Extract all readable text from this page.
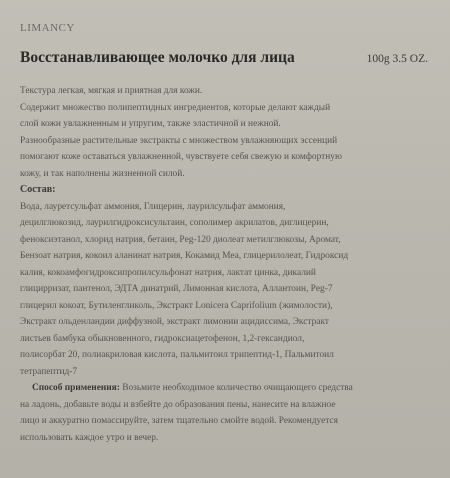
LIMANCY
Восстанавливающее молочко для лица	100g 3.5 OZ.

Текстура легкая, мягкая и приятная для кожи.
Содержит множество полипептидных ингредиентов, которые делают каждый
слой кожи увлажненным и упругим, также эластичной и нежной.
Разнообразные растительные экстракты с множеством увлажняющих эссенций
помогают коже оставаться увлажненной, чувствуете себя свежую и комфортную
кожу, и так наполнены жизненной силой.

Состав:

Вода, лауретсульфат аммония, Глицерин, лаурилсульфат аммония,
децилглюкозид, лаурилгидроксисультаин, сополимер акрилатов, диглицерин,
феноксиэтанол, хлорид натрия, бетаин, Peg-120 диолеат метилглюкозы, Аромат,
Бензоат натрия, кокоил аланинат натрия, Кокамид Меа, глицерилолеат, Гидроксид
калия, кокоамфогидроксипропилсульфонат натрия, лактат цинка, дикалий
глицирризат, пантенол, ЭДТА динатрий, Лимонная кислота, Аллантоин, Peg-7
глицерил кокоат, Бутиленгликоль, Экстракт Lonicera Caprifolium (жимолости),
Экстракт ольденландии диффузной, экстракт лимонии ацидиссима, Экстракт
листьев бамбука обыкновенного, гидроксиацетофенон, 1,2-гександиол,
полисорбат 20, полиакриловая кислота, пальмитоил трипептид-1, Пальмитоил
тетрапептид-7

Способ применения: Возьмите необходимое количество очищающего средства
на ладонь, добавьте воды и взбейте до образования пены, нанесите на влажное
лицо и аккуратно помассируйте, затем тщательно смойте водой. Рекомендуется
использовать каждое утро и вечер.
